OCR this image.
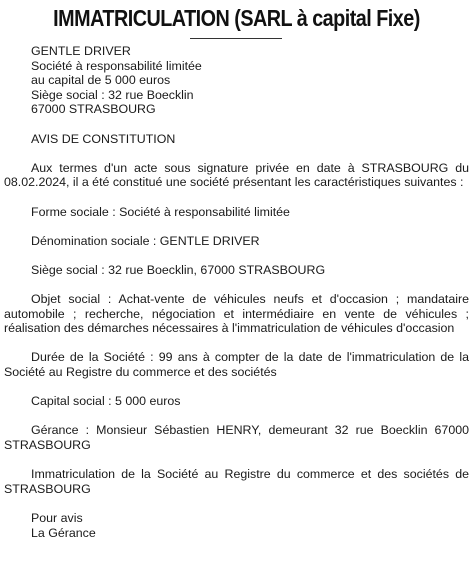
IMMATRICULATION (SARL à capital Fixe)
GENTLE DRIVER
Société à responsabilité limitée
au capital de 5 000 euros
Siège social : 32 rue Boecklin
67000 STRASBOURG
AVIS DE CONSTITUTION

Aux termes d'un acte sous signature privée en date à STRASBOURG du 08.02.2024, il a été constitué une société présentant les caractéristiques suivantes :

Forme sociale : Société à responsabilité limitée

Dénomination sociale : GENTLE DRIVER

Siège social : 32 rue Boecklin, 67000 STRASBOURG

Objet social : Achat-vente de véhicules neufs et d'occasion ; mandataire automobile ; recherche, négociation et intermédiaire en vente de véhicules ; réalisation des démarches nécessaires à l'immatriculation de véhicules d'occasion

Durée de la Société : 99 ans à compter de la date de l'immatriculation de la Société au Registre du commerce et des sociétés

Capital social : 5 000 euros

Gérance : Monsieur Sébastien HENRY, demeurant 32 rue Boecklin 67000 STRASBOURG

Immatriculation de la Société au Registre du commerce et des sociétés de STRASBOURG

Pour avis
La Gérance
